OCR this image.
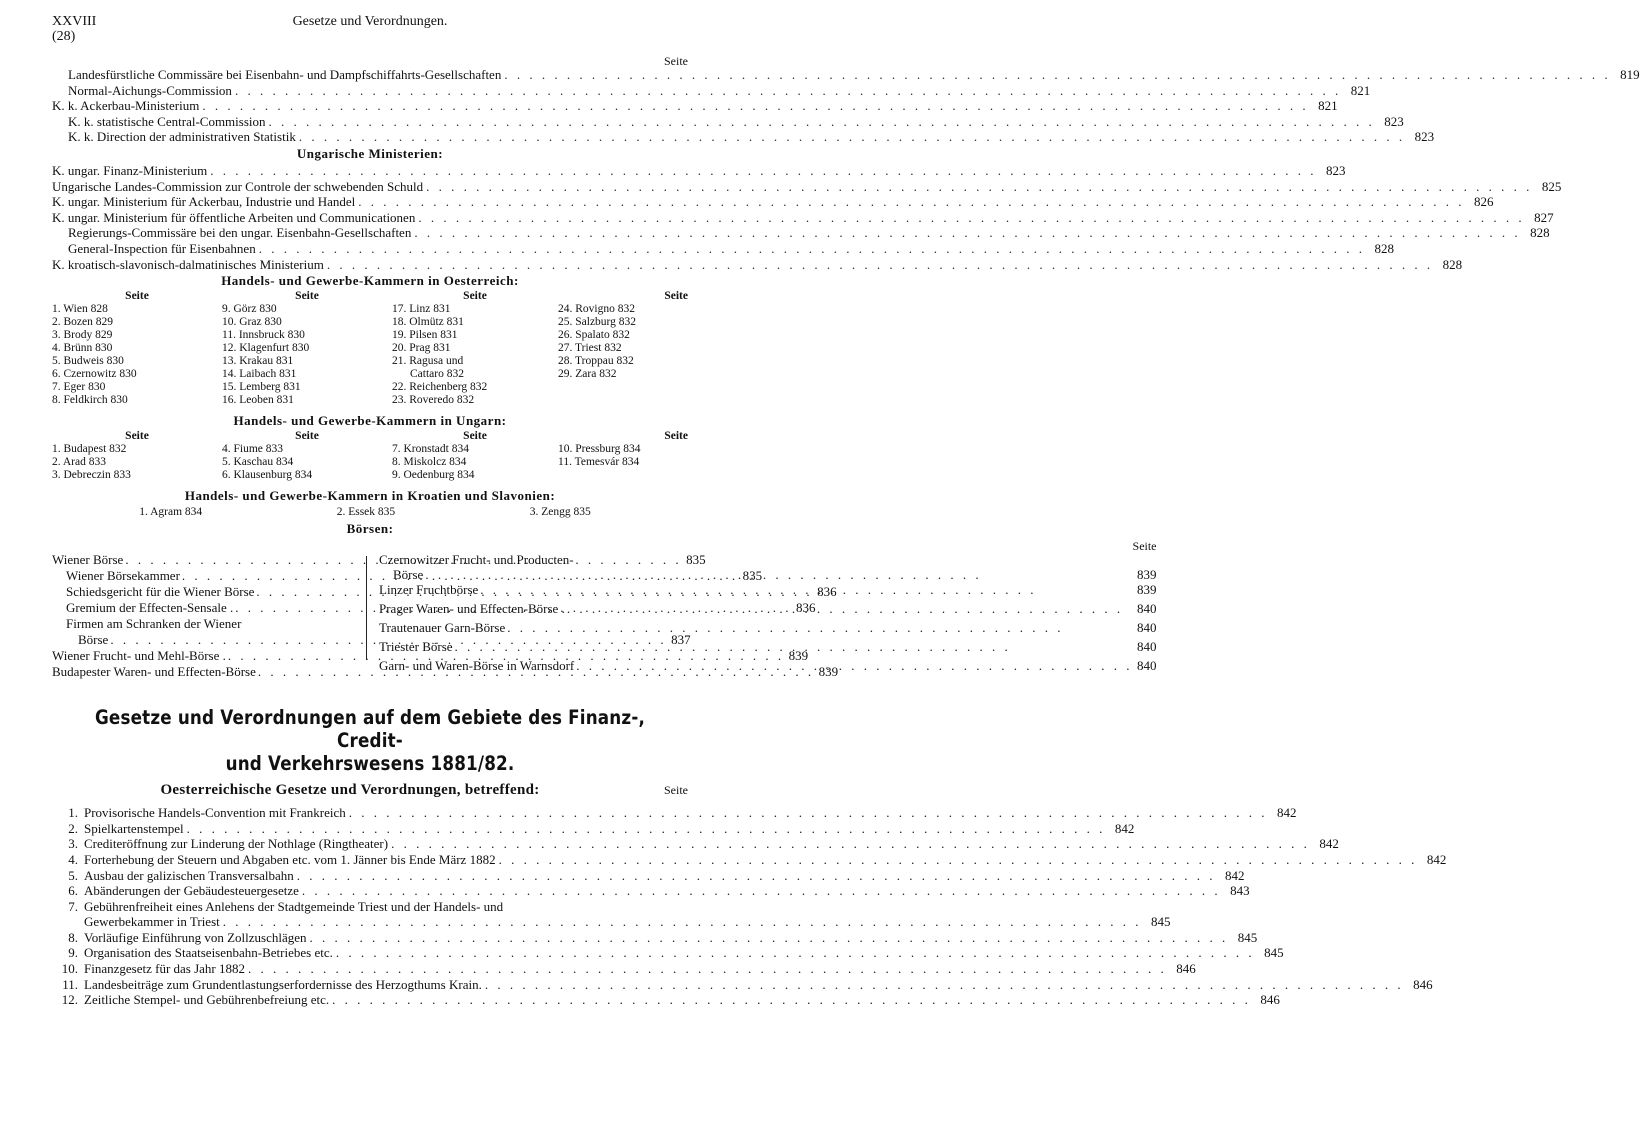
XXVIII (28)
Gesetze und Verordnungen.
Seite
Landesfürstliche Commissäre bei Eisenbahn- und Dampfschiffahrts-Gesellschaften . . .	819
Normal-Aichungs-Commission . . .	821
K. k. Ackerbau-Ministerium . . .	821
K. k. statistische Central-Commission . . .	823
K. k. Direction der administrativen Statistik . . .	823
Ungarische Ministerien:
K. ungar. Finanz-Ministerium . . .	823
Ungarische Landes-Commission zur Controle der schwebenden Schuld . . .	825
K. ungar. Ministerium für Ackerbau, Industrie und Handel . . .	826
K. ungar. Ministerium für öffentliche Arbeiten und Communicationen . . .	827
Regierungs-Commissäre bei den ungar. Eisenbahn-Gesellschaften . . .	828
General-Inspection für Eisenbahnen . . .	828
K. kroatisch-slavonisch-dalmatinisches Ministerium . . .	828
Handels- und Gewerbe-Kammern in Oesterreich:
Seite	Seite	Seite	Seite
1. Wien 828	9. Görz 830	17. Linz 831	24. Rovigno 832
2. Bozen 829	10. Graz 830	18. Olmütz 831	25. Salzburg 832
3. Brody 829	11. Innsbruck 830	19. Pilsen 831	26. Spalato 832
4. Brünn 830	12. Klagenfurt 830	20. Prag 831	27. Triest 832
5. Budweis 830	13. Krakau 831	21. Ragusa und	28. Troppau 832
6. Czernowitz 830	14. Laibach 831	Cattaro 832	29. Zara 832
7. Eger 830	15. Lemberg 831	22. Reichenberg 832
8. Feldkirch 830	16. Leoben 831	23. Roveredo 832
Handels- und Gewerbe-Kammern in Ungarn:
Seite	Seite	Seite	Seite
1. Budapest 832	4. Fiume 833	7. Kronstadt 834	10. Pressburg 834
2. Arad 833	5. Kaschau 834	8. Miskolcz 834	11. Temesvár 834
3. Debreczin 833	6. Klausenburg 834	9. Oedenburg 834
Handels- und Gewerbe-Kammern in Kroatien und Slavonien:
1. Agram 834	2. Essek 835	3. Zengg 835
Börsen:
Wiener Börse . . .	835
Wiener Börsekammer . . .	835
Schiedsgericht für die Wiener Börse . . .	836
Gremium der Effecten-Sensale . . . .	836
Firmen am Schranken der Wiener
Börse . . .	837
Wiener Frucht- und Mehl-Börse . . . .	839
Budapester Waren- und Effecten-Börse . . .	839
Seite
Czernowitzer Frucht- und Producten-
Börse . . .	839
Linzer Fruchtbörse . . .	839
Prager Waren- und Effecten-Börse . . . .	840
Trautenauer Garn-Börse . . .	840
Triester Börse . . .	840
Garn- und Waren-Börse in Warnsdorf . . .	840
Gesetze und Verordnungen auf dem Gebiete des Finanz-, Credit-
und Verkehrswesens 1881/82.
Oesterreichische Gesetze und Verordnungen, betreffend:	Seite
1. Provisorische Handels-Convention mit Frankreich . . .	842
2. Spielkartenstempel . . .	842
3. Crediteröffnung zur Linderung der Nothlage (Ringtheater) . . .	842
4. Forterhebung der Steuern und Abgaben etc. vom 1. Jänner bis Ende März 1882 . . .	842
5. Ausbau der galizischen Transversalbahn . . .	842
6. Abänderungen der Gebäudesteuergesetze . . .	843
7. Gebührenfreiheit eines Anlehens der Stadtgemeinde Triest und der Handels- und
Gewerbekammer in Triest . . .	845
8. Vorläufige Einführung von Zollzuschlägen . . .	845
9. Organisation des Staatseisenbahn-Betriebes etc. . . .	845
10. Finanzgesetz für das Jahr 1882 . . .	846
11. Landesbeiträge zum Grundentlastungserfordernisse des Herzogthums Krain. . . .	846
12. Zeitliche Stempel- und Gebührenbefreiung etc. . . .	846
